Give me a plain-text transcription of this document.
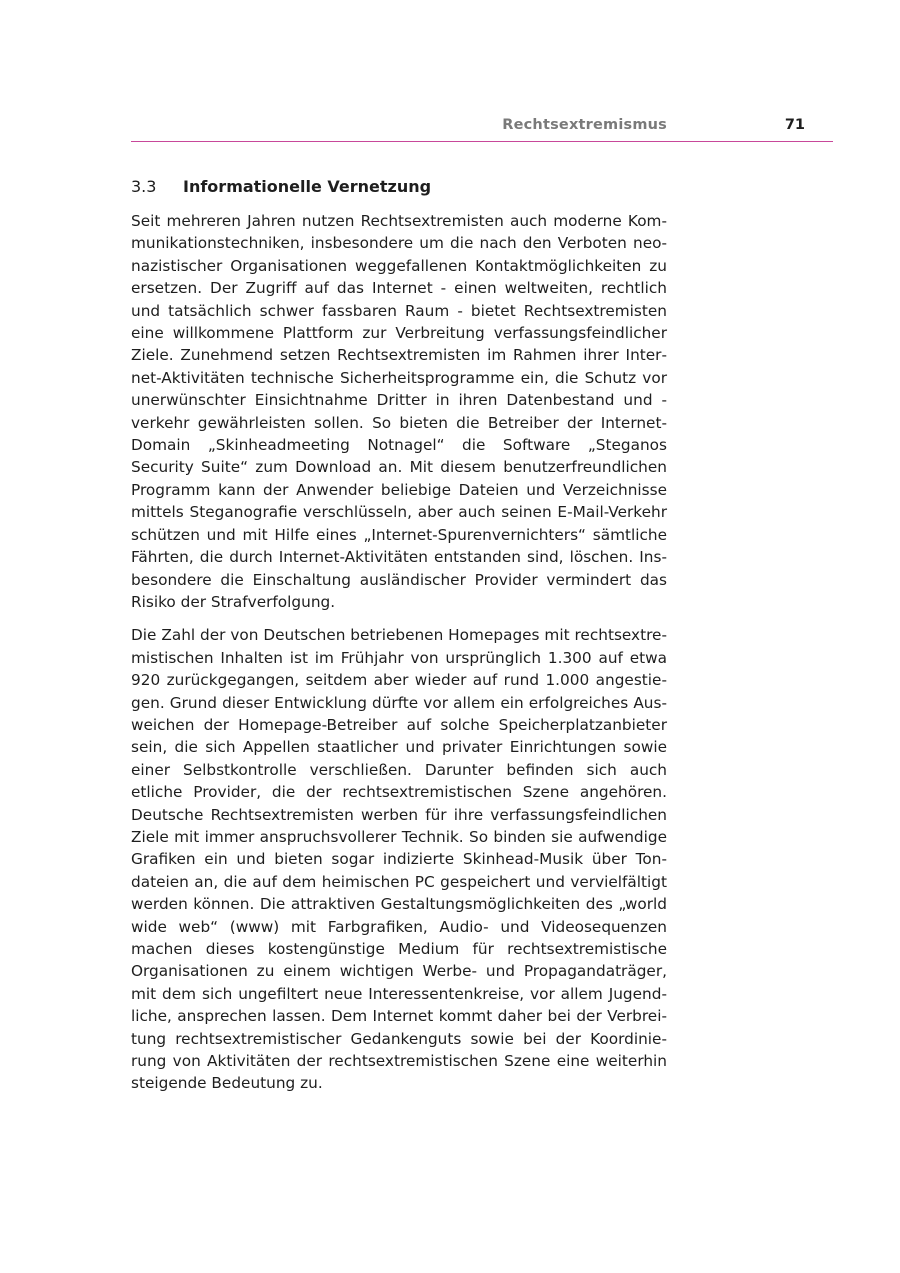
Rechtsextremismus	71
3.3 Informationelle Vernetzung

Seit mehreren Jahren nutzen Rechtsextremisten auch moderne Kommunikationstechniken, insbesondere um die nach den Verboten neonazistischer Organisationen weggefallenen Kontaktmöglichkeiten zu ersetzen. Der Zugriff auf das Internet - einen weltweiten, rechtlich und tatsächlich schwer fassbaren Raum - bietet Rechtsextremisten eine willkommene Plattform zur Verbreitung verfassungsfeindlicher Ziele. Zunehmend setzen Rechtsextremisten im Rahmen ihrer Internet-Aktivitäten technische Sicherheitsprogramme ein, die Schutz vor unerwünschter Einsichtnahme Dritter in ihren Datenbestand und -verkehr gewährleisten sollen. So bieten die Betreiber der Internet-Domain „Skinheadmeeting Notnagel“ die Software „Steganos Security Suite“ zum Download an. Mit diesem benutzerfreundlichen Programm kann der Anwender beliebige Dateien und Verzeichnisse mittels Steganografie verschlüsseln, aber auch seinen E-Mail-Verkehr schützen und mit Hilfe eines „Internet-Spurenvernichters“ sämtliche Fährten, die durch Internet-Aktivitäten entstanden sind, löschen. Insbesondere die Einschaltung ausländischer Provider vermindert das Risiko der Strafverfolgung.

Die Zahl der von Deutschen betriebenen Homepages mit rechtsextremistischen Inhalten ist im Frühjahr von ursprünglich 1.300 auf etwa 920 zurückgegangen, seitdem aber wieder auf rund 1.000 angestiegen. Grund dieser Entwicklung dürfte vor allem ein erfolgreiches Ausweichen der Homepage-Betreiber auf solche Speicherplatzanbieter sein, die sich Appellen staatlicher und privater Einrichtungen sowie einer Selbstkontrolle verschließen. Darunter befinden sich auch etliche Provider, die der rechtsextremistischen Szene angehören. Deutsche Rechtsextremisten werben für ihre verfassungsfeindlichen Ziele mit immer anspruchsvollerer Technik. So binden sie aufwendige Grafiken ein und bieten sogar indizierte Skinhead-Musik über Tondateien an, die auf dem heimischen PC gespeichert und vervielfältigt werden können. Die attraktiven Gestaltungsmöglichkeiten des „world wide web“ (www) mit Farbgrafiken, Audio- und Videosequenzen machen dieses kostengünstige Medium für rechtsextremistische Organisationen zu einem wichtigen Werbe- und Propagandaträger, mit dem sich ungefiltert neue Interessentenkreise, vor allem Jugendliche, ansprechen lassen. Dem Internet kommt daher bei der Verbreitung rechtsextremistischer Gedankenguts sowie bei der Koordinierung von Aktivitäten der rechtsextremistischen Szene eine weiterhin steigende Bedeutung zu.
